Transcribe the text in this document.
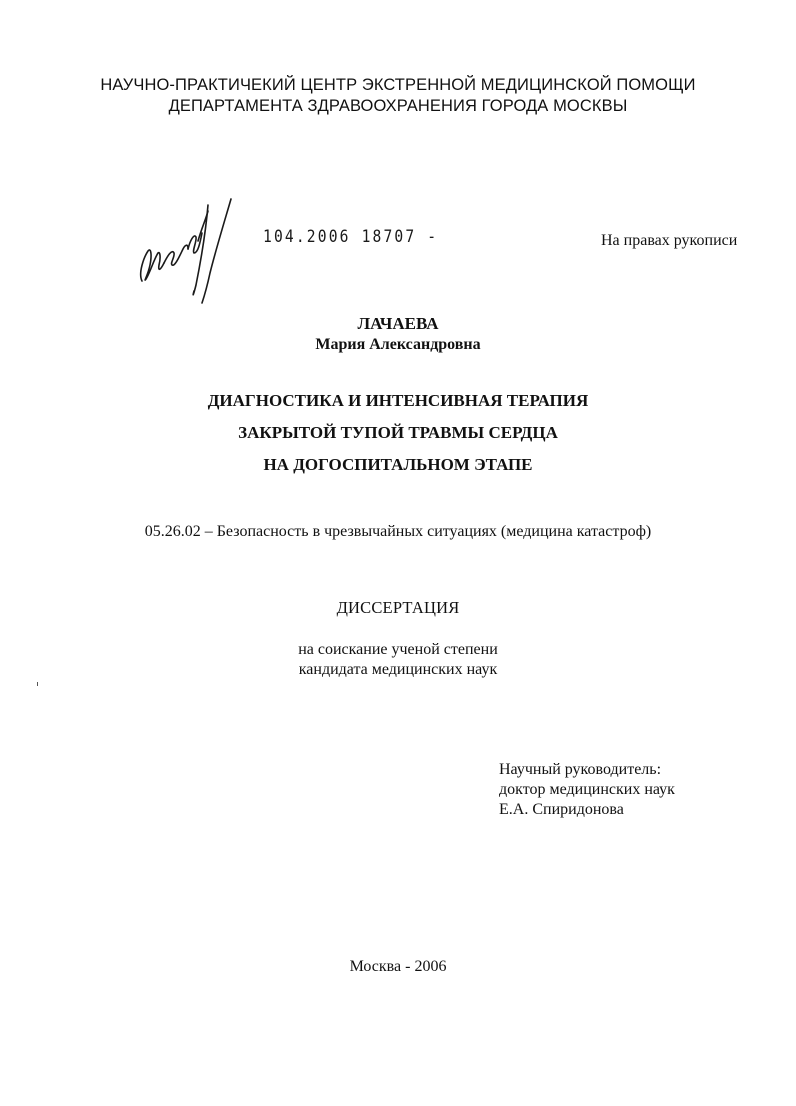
НАУЧНО-ПРАКТИЧЕКИЙ ЦЕНТР ЭКСТРЕННОЙ МЕДИЦИНСКОЙ ПОМОЩИ
ДЕПАРТАМЕНТА ЗДРАВООХРАНЕНИЯ ГОРОДА МОСКВЫ
104.2006 18707 -	На правах рукописи
ЛАЧАЕВА
Мария Александровна
ДИАГНОСТИКА И ИНТЕНСИВНАЯ ТЕРАПИЯ
ЗАКРЫТОЙ ТУПОЙ ТРАВМЫ СЕРДЦА
НА ДОГОСПИТАЛЬНОМ ЭТАПЕ
05.26.02 – Безопасность в чрезвычайных ситуациях (медицина катастроф)
ДИССЕРТАЦИЯ
на соискание ученой степени
кандидата медицинских наук
Научный руководитель:
доктор медицинских наук
Е.А. Спиридонова
Москва - 2006
